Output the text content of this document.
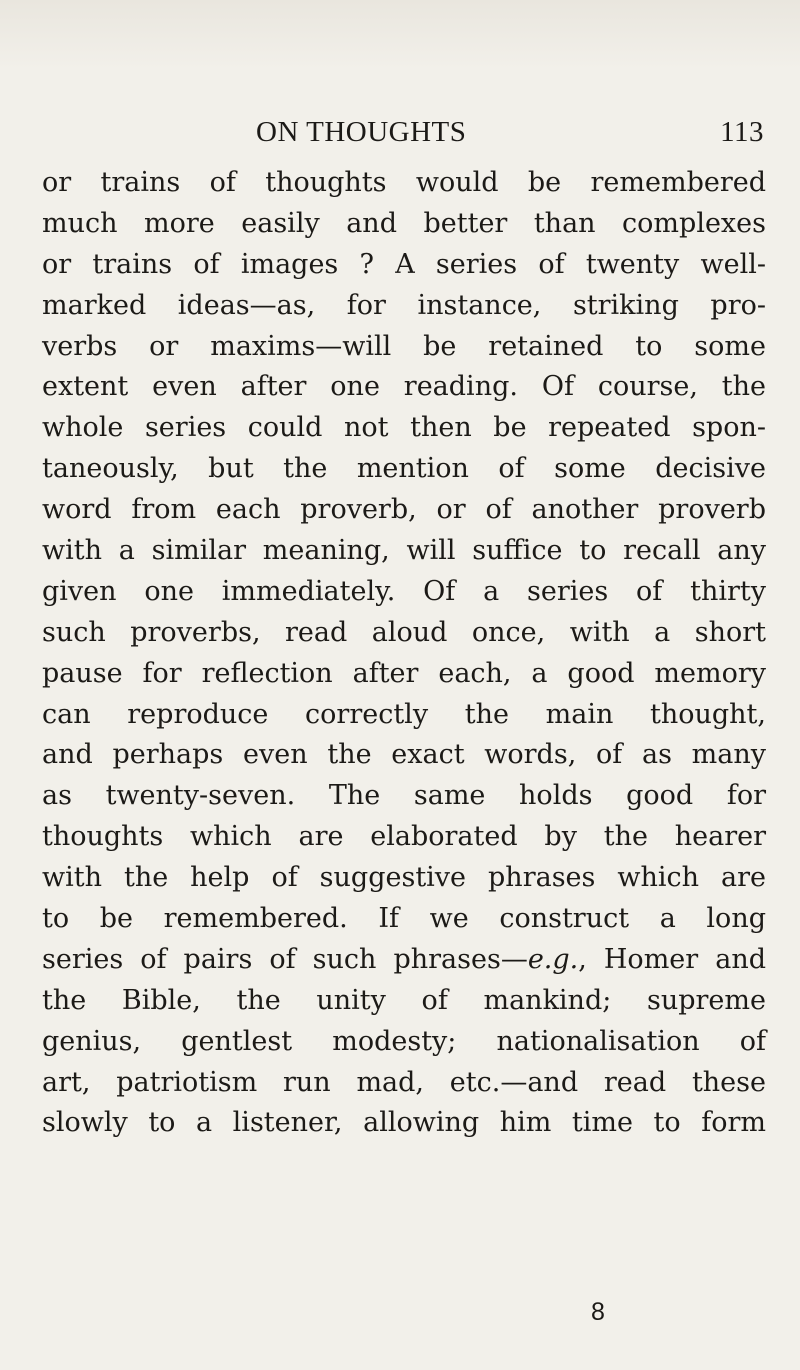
ON THOUGHTS	113
or trains of thoughts would be remembered
much more easily and better than complexes
or trains of images ? A series of twenty well-
marked ideas—as, for instance, striking pro-
verbs or maxims—will be retained to some
extent even after one reading. Of course, the
whole series could not then be repeated spon-
taneously, but the mention of some decisive
word from each proverb, or of another proverb
with a similar meaning, will suffice to recall any
given one immediately. Of a series of thirty
such proverbs, read aloud once, with a short
pause for reflection after each, a good memory
can reproduce correctly the main thought,
and perhaps even the exact words, of as many
as twenty-seven. The same holds good for
thoughts which are elaborated by the hearer
with the help of suggestive phrases which are
to be remembered. If we construct a long
series of pairs of such phrases—e.g., Homer and
the Bible, the unity of mankind; supreme
genius, gentlest modesty; nationalisation of
art, patriotism run mad, etc.—and read these
slowly to a listener, allowing him time to form
8
